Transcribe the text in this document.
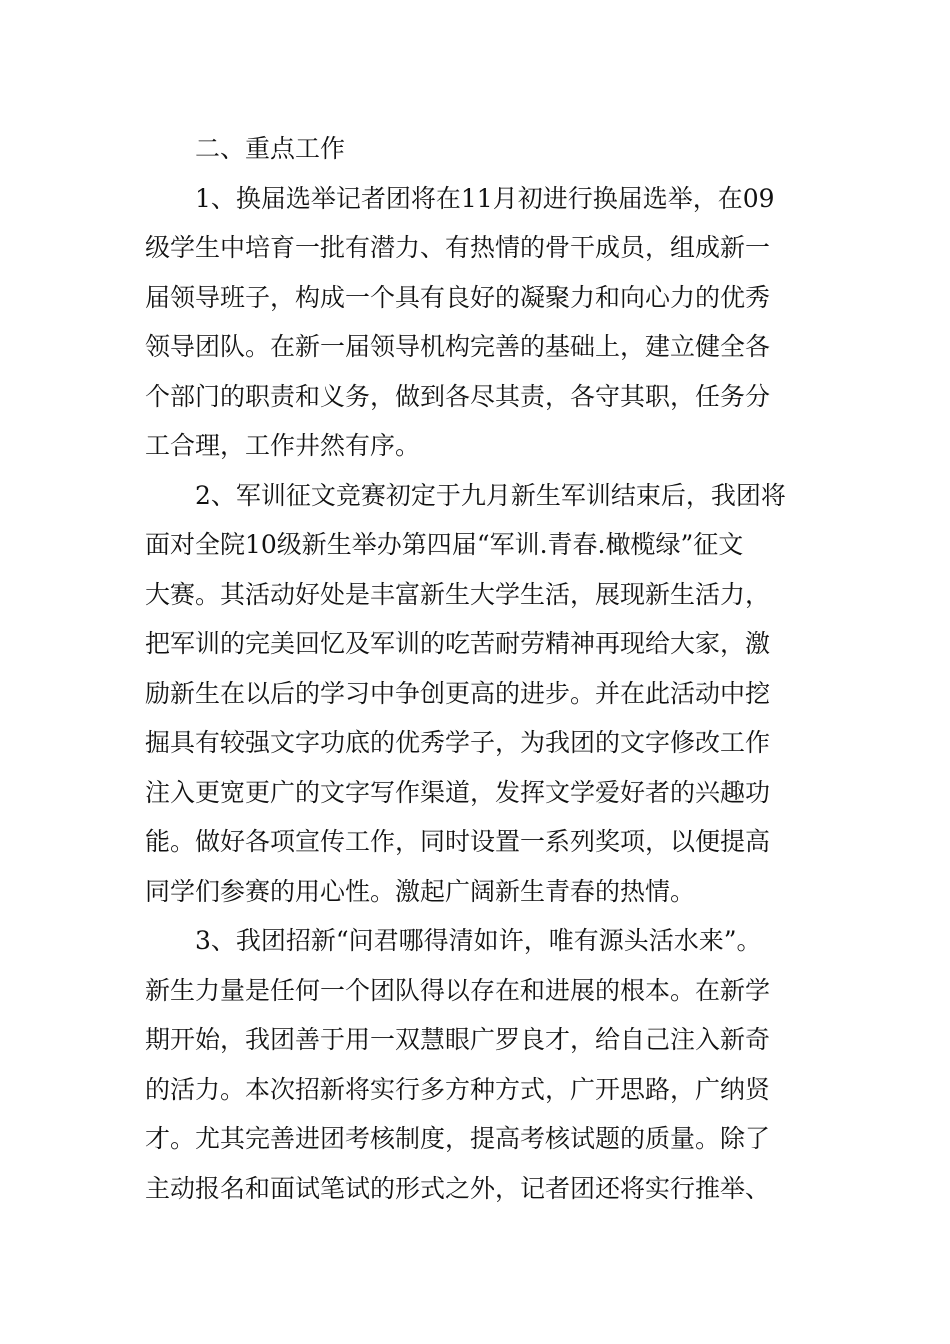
二、重点工作
1、换届选举记者团将在11月初进行换届选举，在09
级学生中培育一批有潜力、有热情的骨干成员，组成新一
届领导班子，构成一个具有良好的凝聚力和向心力的优秀
领导团队。在新一届领导机构完善的基础上，建立健全各
个部门的职责和义务，做到各尽其责，各守其职，任务分
工合理，工作井然有序。
2、军训征文竞赛初定于九月新生军训结束后，我团将
面对全院10级新生举办第四届“军训.青春.橄榄绿”征文
大赛。其活动好处是丰富新生大学生活，展现新生活力，
把军训的完美回忆及军训的吃苦耐劳精神再现给大家，激
励新生在以后的学习中争创更高的进步。并在此活动中挖
掘具有较强文字功底的优秀学子，为我团的文字修改工作
注入更宽更广的文字写作渠道，发挥文学爱好者的兴趣功
能。做好各项宣传工作，同时设置一系列奖项，以便提高
同学们参赛的用心性。激起广阔新生青春的热情。
3、我团招新“问君哪得清如许，唯有源头活水来”。
新生力量是任何一个团队得以存在和进展的根本。在新学
期开始，我团善于用一双慧眼广罗良才，给自己注入新奇
的活力。本次招新将实行多方种方式，广开思路，广纳贤
才。尤其完善进团考核制度，提高考核试题的质量。除了
主动报名和面试笔试的形式之外，记者团还将实行推举、
